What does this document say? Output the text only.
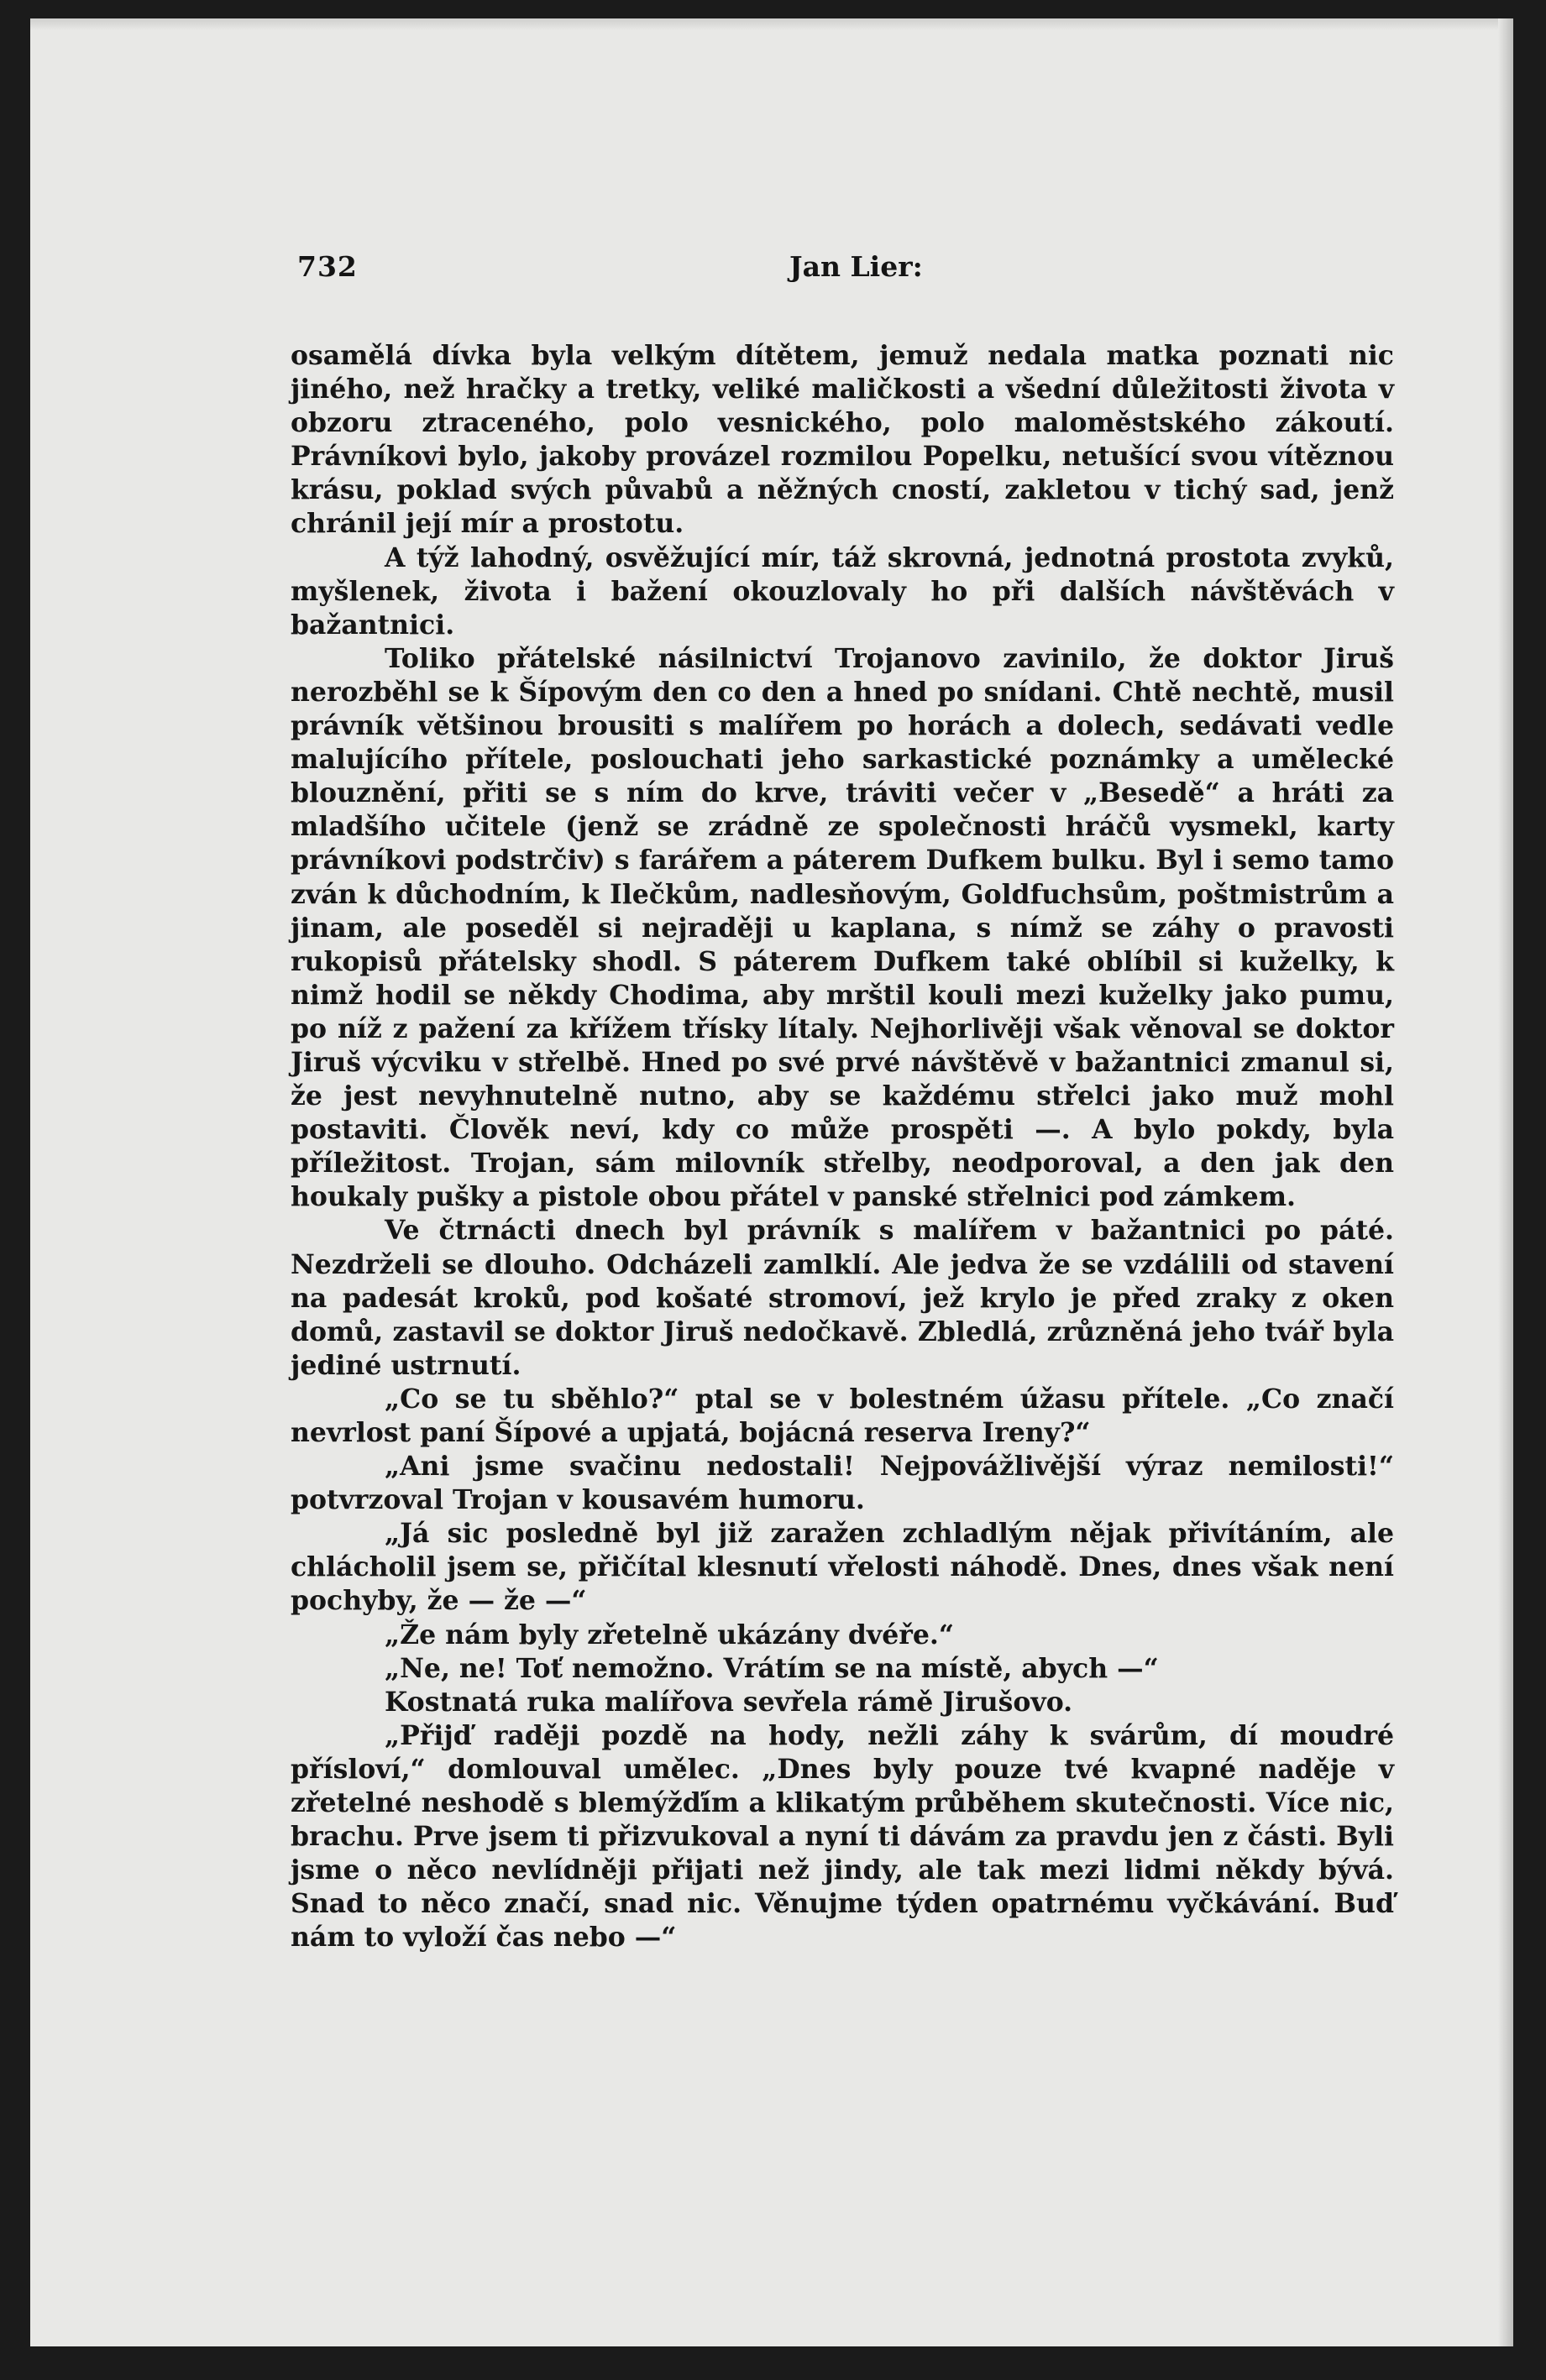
732	Jan Lier:

osamělá dívka byla velkým dítětem, jemuž nedala matka poznati nic jiného, než hračky a tretky, veliké maličkosti a všední důležitosti života v obzoru ztraceného, polo vesnického, polo maloměstského zákoutí. Právníkovi bylo, jakoby provázel rozmilou Popelku, netušící svou vítěznou krásu, poklad svých půvabů a něžných cností, zakletou v tichý sad, jenž chránil její mír a prostotu.

A týž lahodný, osvěžující mír, táž skrovná, jednotná prostota zvyků, myšlenek, života i bažení okouzlovaly ho při dalších návštěvách v bažantnici.

Toliko přátelské násilnictví Trojanovo zavinilo, že doktor Jiruš nerozběhl se k Šípovým den co den a hned po snídani. Chtě nechtě, musil právník většinou brousiti s malířem po horách a dolech, sedávati vedle malujícího přítele, poslouchati jeho sarkastické poznámky a umělecké blouznění, přiti se s ním do krve, tráviti večer v „Besedě“ a hráti za mladšího učitele (jenž se zrádně ze společnosti hráčů vysmekl, karty právníkovi podstrčiv) s farářem a páterem Dufkem bulku. Byl i semo tamo zván k důchodním, k Ilečkům, nadlesňovým, Goldfuchsům, poštmistrům a jinam, ale poseděl si nejraději u kaplana, s nímž se záhy o pravosti rukopisů přátelsky shodl. S páterem Dufkem také oblíbil si kuželky, k nimž hodil se někdy Chodima, aby mrštil kouli mezi kuželky jako pumu, po níž z pažení za křížem třísky lítaly. Nejhorlivěji však věnoval se doktor Jiruš výcviku v střelbě. Hned po své prvé návštěvě v bažantnici zmanul si, že jest nevyhnutelně nutno, aby se každému střelci jako muž mohl postaviti. Člověk neví, kdy co může prospěti —. A bylo pokdy, byla příležitost. Trojan, sám milovník střelby, neodporoval, a den jak den houkaly pušky a pistole obou přátel v panské střelnici pod zámkem.

Ve čtrnácti dnech byl právník s malířem v bažantnici po páté. Nezdrželi se dlouho. Odcházeli zamlklí. Ale jedva že se vzdálili od stavení na padesát kroků, pod košaté stromoví, jež krylo je před zraky z oken domů, zastavil se doktor Jiruš nedočkavě. Zbledlá, zrůzněná jeho tvář byla jediné ustrnutí.

„Co se tu sběhlo?“ ptal se v bolestném úžasu přítele. „Co značí nevrlost paní Šípové a upjatá, bojácná reserva Ireny?“

„Ani jsme svačinu nedostali! Nejpovážlivější výraz nemilosti!“ potvrzoval Trojan v kousavém humoru.

„Já sic posledně byl již zaražen zchladlým nějak přivítáním, ale chlácholil jsem se, přičítal klesnutí vřelosti náhodě. Dnes, dnes však není pochyby, že — že —“

„Že nám byly zřetelně ukázány dvéře.“

„Ne, ne! Toť nemožno. Vrátím se na místě, abych —“

Kostnatá ruka malířova sevřela rámě Jirušovo.

„Přijď raději pozdě na hody, nežli záhy k svárům, dí moudré přísloví,“ domlouval umělec. „Dnes byly pouze tvé kvapné naděje v zřetelné neshodě s blemýžďím a klikatým průběhem skutečnosti. Více nic, brachu. Prve jsem ti přizvukoval a nyní ti dávám za pravdu jen z části. Byli jsme o něco nevlídněji přijati než jindy, ale tak mezi lidmi někdy bývá. Snad to něco značí, snad nic. Věnujme týden opatrnému vyčkávání. Buď nám to vyloží čas nebo —“
